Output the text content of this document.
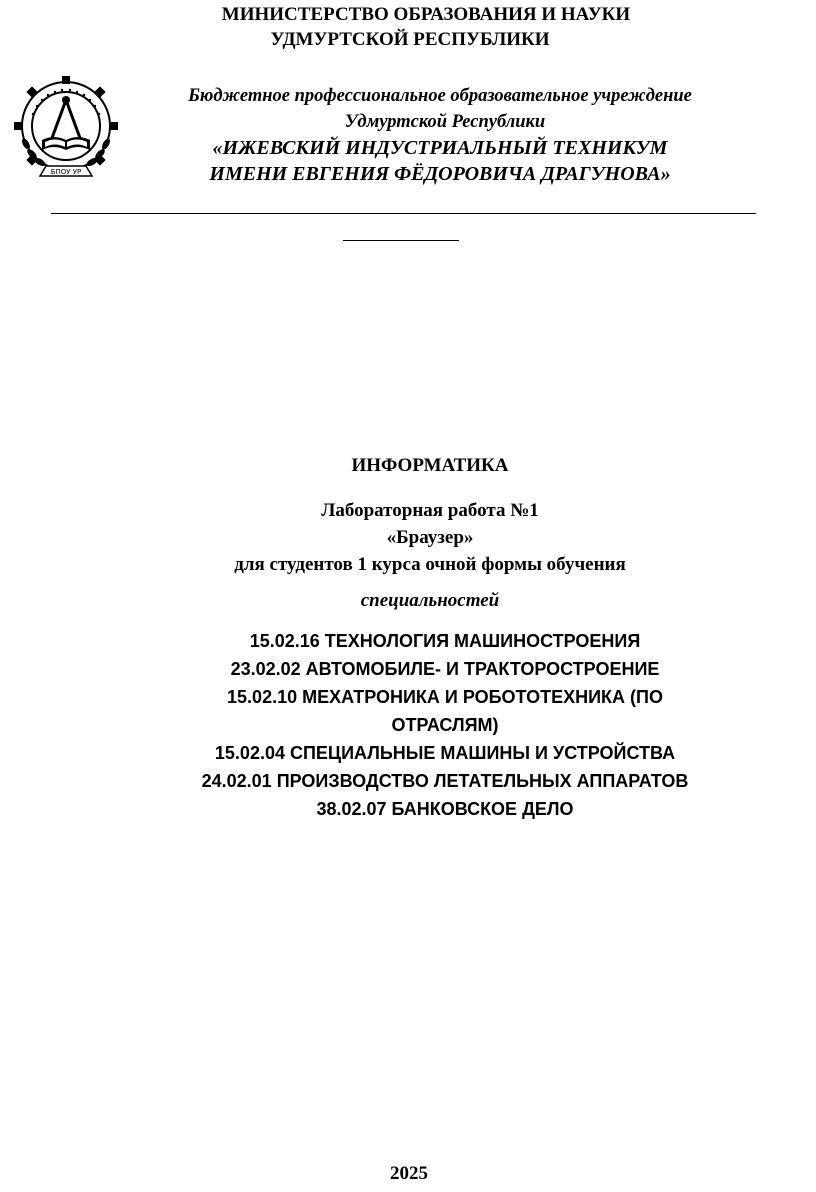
МИНИСТЕРСТВО ОБРАЗОВАНИЯ И НАУКИ
УДМУРТСКОЙ РЕСПУБЛИКИ
БПОУ УР
Бюджетное профессиональное образовательное учреждение
Удмуртской Республики
«ИЖЕВСКИЙ ИНДУСТРИАЛЬНЫЙ ТЕХНИКУМ
ИМЕНИ ЕВГЕНИЯ ФЁДОРОВИЧА ДРАГУНОВА»
ИНФОРМАТИКА
Лабораторная работа №1
«Браузер»
для студентов 1 курса очной формы обучения
специальностей
15.02.16 ТЕХНОЛОГИЯ МАШИНОСТРОЕНИЯ
23.02.02 АВТОМОБИЛЕ- И ТРАКТОРОСТРОЕНИЕ
15.02.10 МЕХАТРОНИКА И РОБОТОТЕХНИКА (ПО
ОТРАСЛЯМ)
15.02.04 СПЕЦИАЛЬНЫЕ МАШИНЫ И УСТРОЙСТВА
24.02.01 ПРОИЗВОДСТВО ЛЕТАТЕЛЬНЫХ АППАРАТОВ
38.02.07 БАНКОВСКОЕ ДЕЛО
2025
